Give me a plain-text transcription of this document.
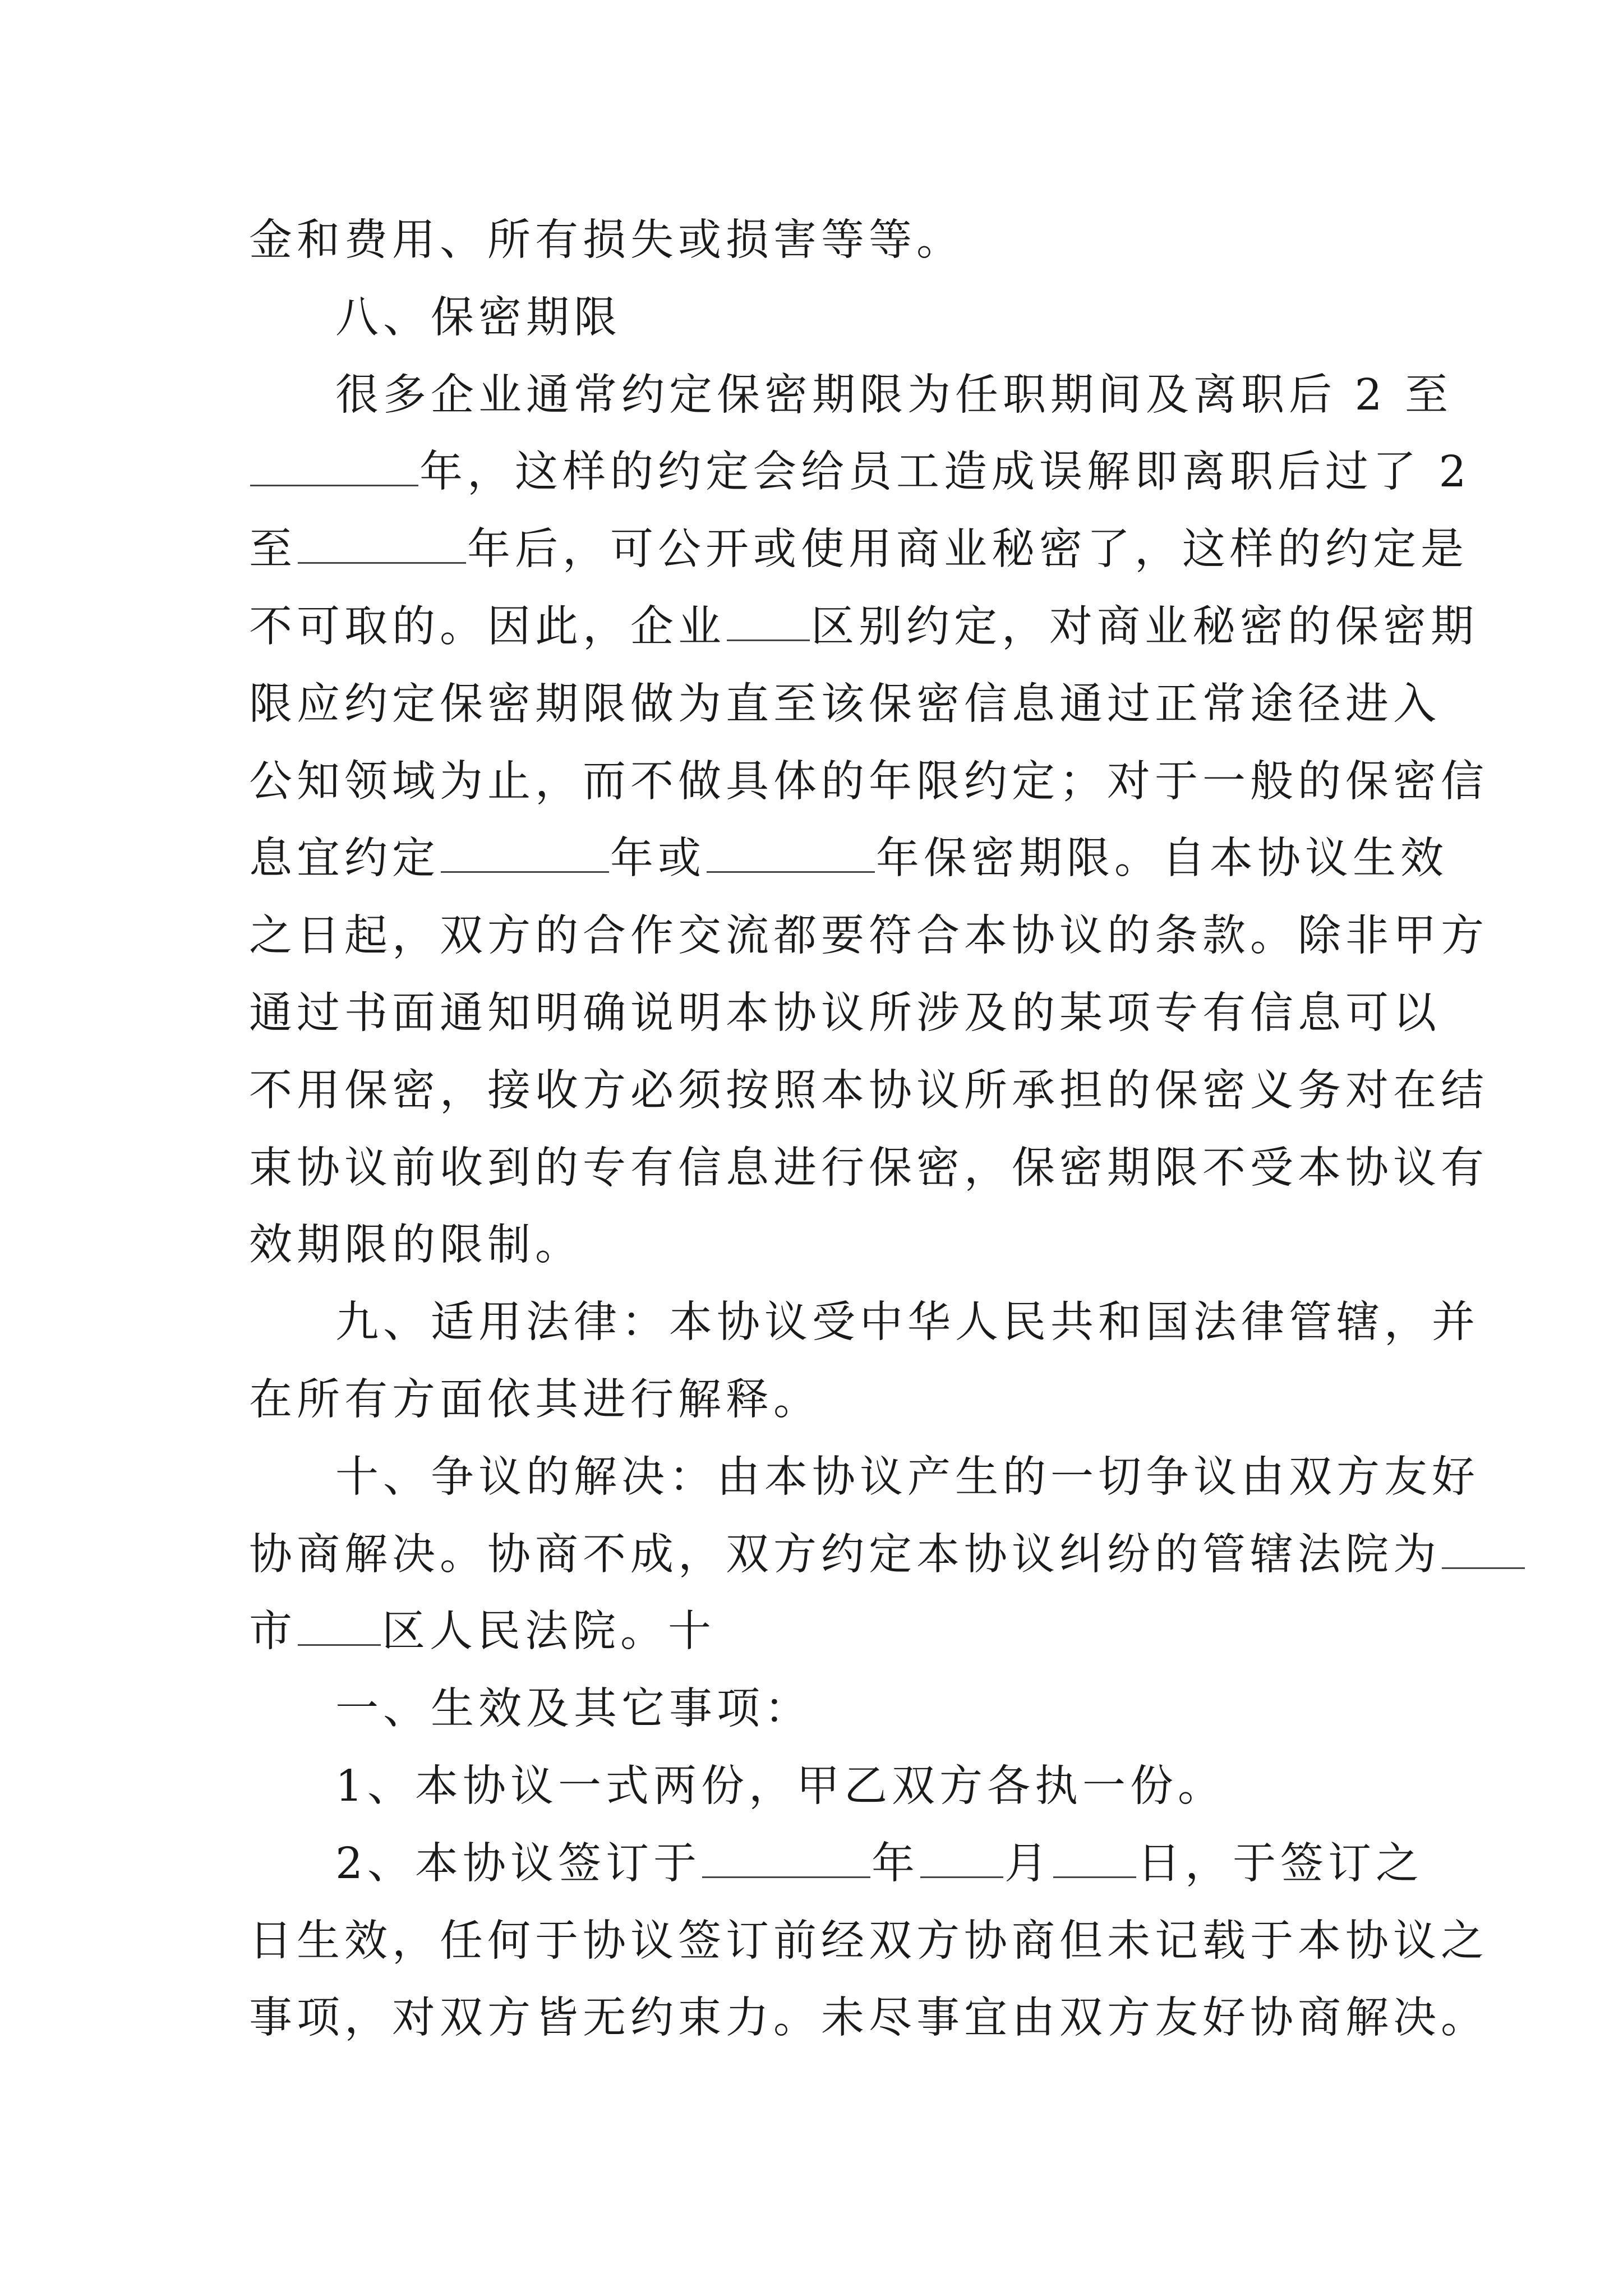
金和费用、所有损失或损害等等。
八、保密期限
很多企业通常约定保密期限为任职期间及离职后 2 至
年，这样的约定会给员工造成误解即离职后过了 2
至	年后，可公开或使用商业秘密了，这样的约定是
不可取的。因此，企业 区别约定，对商业秘密的保密期
限应约定保密期限做为直至该保密信息通过正常途径进入
公知领域为止，而不做具体的年限约定；对于一般的保密信
息宜约定	年或	年保密期限。自本协议生效
之日起，双方的合作交流都要符合本协议的条款。除非甲方
通过书面通知明确说明本协议所涉及的某项专有信息可以
不用保密，接收方必须按照本协议所承担的保密义务对在结
束协议前收到的专有信息进行保密，保密期限不受本协议有
效期限的限制。
九、适用法律：本协议受中华人民共和国法律管辖，并
在所有方面依其进行解释。
十、争议的解决：由本协议产生的一切争议由双方友好
协商解决。协商不成，双方约定本协议纠纷的管辖法院为
市 区人民法院。十
一、生效及其它事项：
1、本协议一式两份，甲乙双方各执一份。
2、本协议签订于	年 月 日，于签订之
日生效，任何于协议签订前经双方协商但未记载于本协议之
事项，对双方皆无约束力。未尽事宜由双方友好协商解决。
